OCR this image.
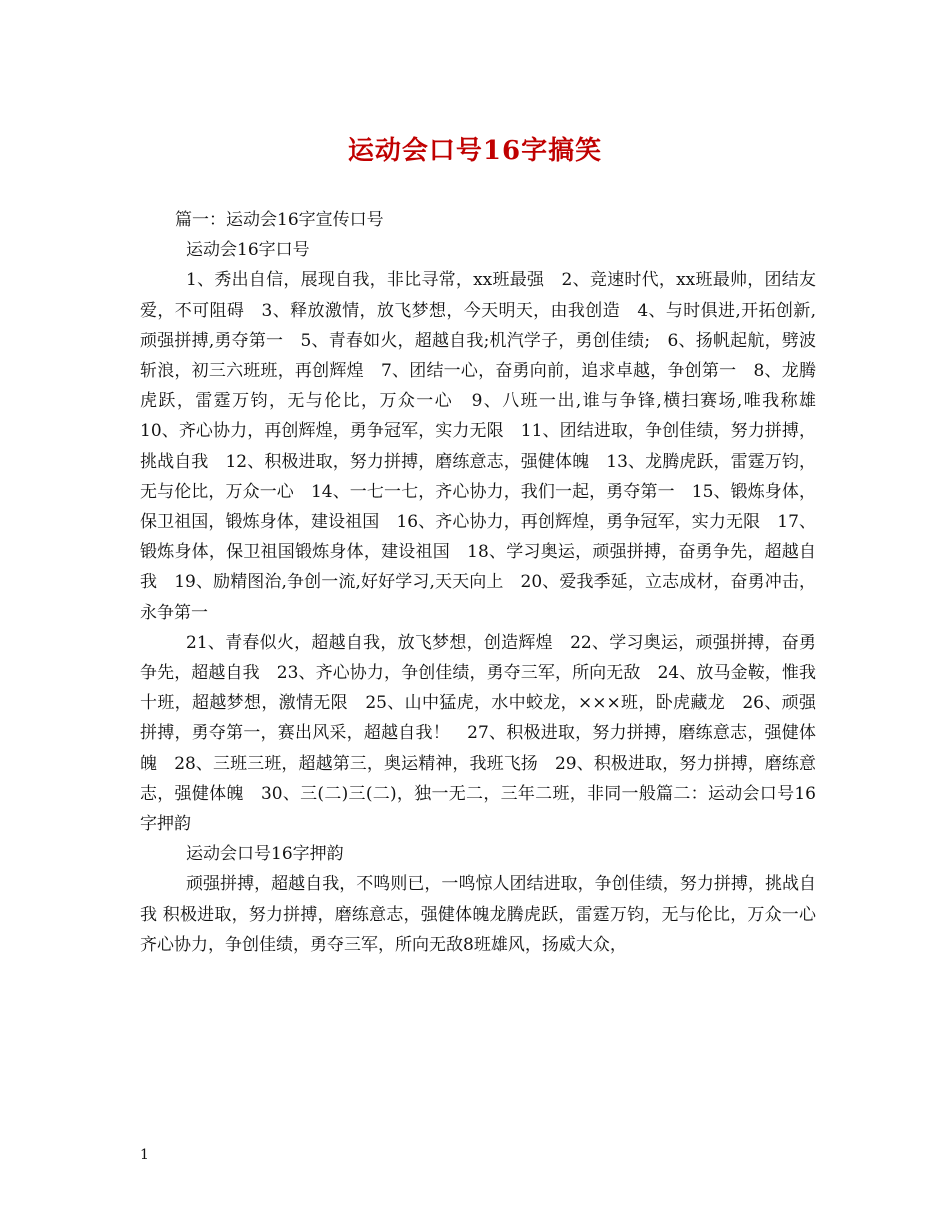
运动会口号16字搞笑

篇一：运动会16字宣传口号

运动会16字口号

1、秀出自信，展现自我，非比寻常，xx班最强　2、竞速时代，xx班最帅，团结友爱，不可阻碍　3、释放激情，放飞梦想，今天明天，由我创造　4、与时俱进,开拓创新,顽强拼搏,勇夺第一　5、青春如火，超越自我;机汽学子，勇创佳绩;　6、扬帆起航，劈波斩浪，初三六班班，再创辉煌　7、团结一心，奋勇向前，追求卓越，争创第一　8、龙腾虎跃，雷霆万钧，无与伦比，万众一心　9、八班一出,谁与争锋,横扫赛场,唯我称雄　10、齐心协力，再创辉煌，勇争冠军，实力无限　11、团结进取，争创佳绩，努力拼搏，挑战自我　12、积极进取，努力拼搏，磨练意志，强健体魄　13、龙腾虎跃，雷霆万钧，无与伦比，万众一心　14、一七一七，齐心协力，我们一起，勇夺第一　15、锻炼身体，保卫祖国，锻炼身体，建设祖国　16、齐心协力，再创辉煌，勇争冠军，实力无限　17、锻炼身体，保卫祖国锻炼身体，建设祖国　18、学习奥运，顽强拼搏，奋勇争先，超越自我　19、励精图治,争创一流,好好学习,天天向上　20、爱我季延，立志成材，奋勇冲击，永争第一

21、青春似火，超越自我，放飞梦想，创造辉煌　22、学习奥运，顽强拼搏，奋勇争先，超越自我　23、齐心协力，争创佳绩，勇夺三军，所向无敌　24、放马金鞍，惟我十班，超越梦想，激情无限　25、山中猛虎，水中蛟龙，×××班，卧虎藏龙　26、顽强拼搏，勇夺第一，赛出风采，超越自我！　27、积极进取，努力拼搏，磨练意志，强健体魄　28、三班三班，超越第三，奥运精神，我班飞扬　29、积极进取，努力拼搏，磨练意志，强健体魄　30、三(二)三(二)，独一无二，三年二班，非同一般篇二：运动会口号16字押韵

运动会口号16字押韵

顽强拼搏，超越自我，不鸣则已，一鸣惊人团结进取，争创佳绩，努力拼搏，挑战自我 积极进取，努力拼搏，磨练意志，强健体魄龙腾虎跃，雷霆万钧，无与伦比，万众一心 齐心协力，争创佳绩，勇夺三军，所向无敌8班雄风，扬威大众，

1
